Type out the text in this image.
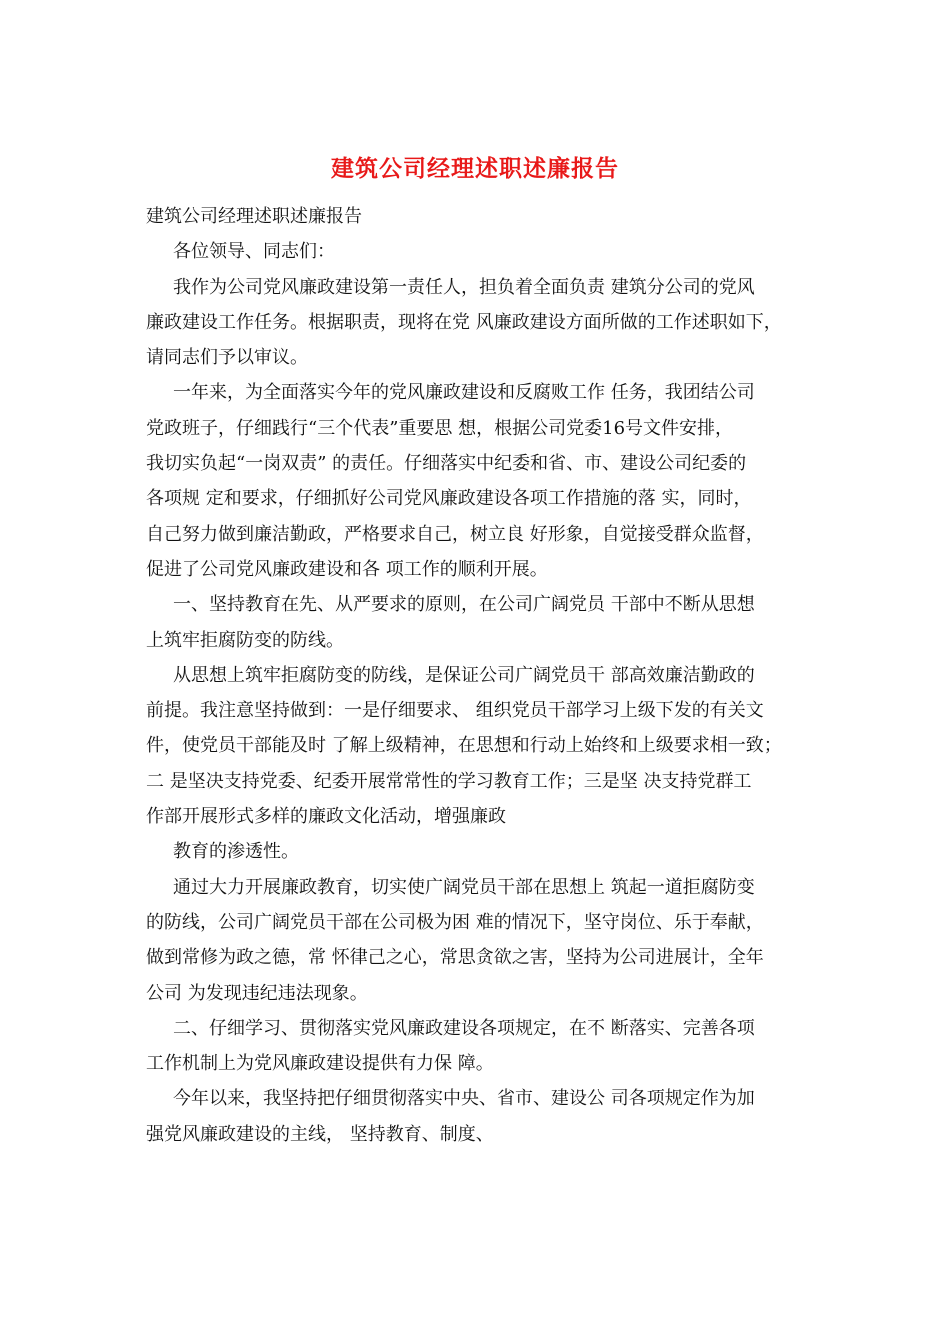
建筑公司经理述职述廉报告
建筑公司经理述职述廉报告
各位领导、同志们：
我作为公司党风廉政建设第一责任人，担负着全面负责 建筑分公司的党风
廉政建设工作任务。根据职责，现将在党 风廉政建设方面所做的工作述职如下，
请同志们予以审议。
一年来，为全面落实今年的党风廉政建设和反腐败工作 任务，我团结公司
党政班子，仔细践行“三个代表”重要思 想，根据公司党委16号文件安排，
我切实负起“一岗双责” 的责任。仔细落实中纪委和省、市、建设公司纪委的
各项规 定和要求，仔细抓好公司党风廉政建设各项工作措施的落 实，同时，
自己努力做到廉洁勤政，严格要求自己，树立良 好形象，自觉接受群众监督，
促进了公司党风廉政建设和各 项工作的顺利开展。
一、坚持教育在先、从严要求的原则，在公司广阔党员 干部中不断从思想
上筑牢拒腐防变的防线。
从思想上筑牢拒腐防变的防线，是保证公司广阔党员干 部高效廉洁勤政的
前提。我注意坚持做到：一是仔细要求、 组织党员干部学习上级下发的有关文
件，使党员干部能及时 了解上级精神，在思想和行动上始终和上级要求相一致；
二 是坚决支持党委、纪委开展常常性的学习教育工作；三是坚 决支持党群工
作部开展形式多样的廉政文化活动，增强廉政
教育的渗透性。
通过大力开展廉政教育，切实使广阔党员干部在思想上 筑起一道拒腐防变
的防线，公司广阔党员干部在公司极为困 难的情况下，坚守岗位、乐于奉献，
做到常修为政之德，常 怀律己之心，常思贪欲之害，坚持为公司进展计，全年
公司 为发现违纪违法现象。
二、仔细学习、贯彻落实党风廉政建设各项规定，在不 断落实、完善各项
工作机制上为党风廉政建设提供有力保 障。
今年以来，我坚持把仔细贯彻落实中央、省市、建设公 司各项规定作为加
强党风廉政建设的主线， 坚持教育、制度、
